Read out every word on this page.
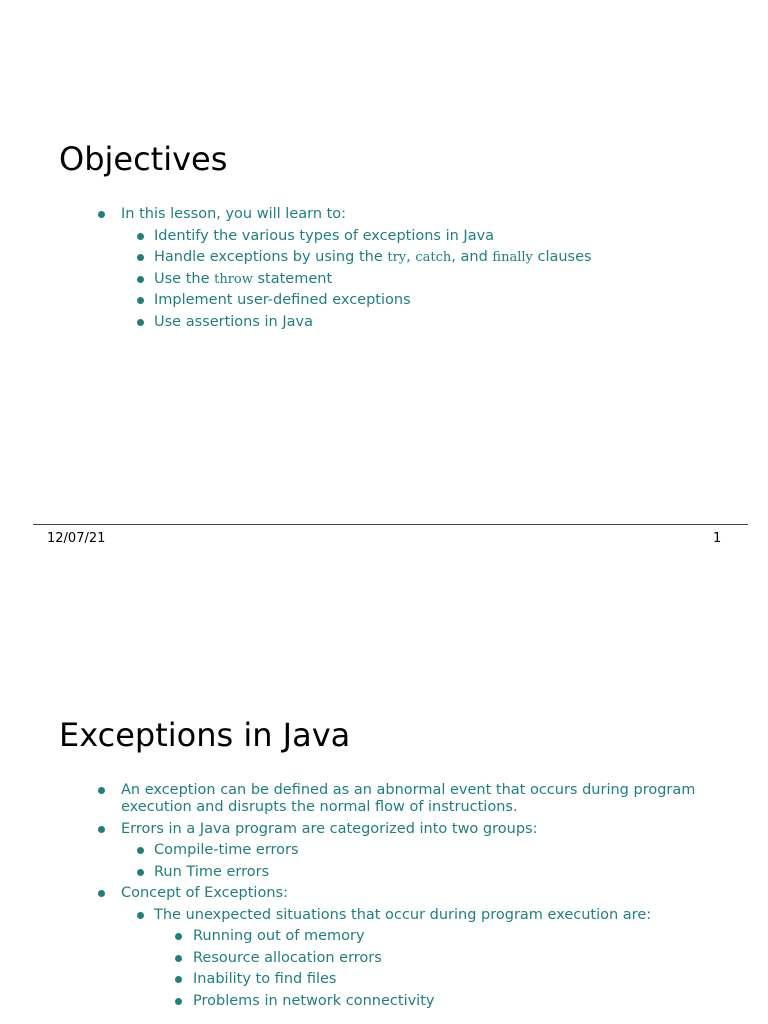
Objectives
In this lesson, you will learn to:
Identify the various types of exceptions in Java
Handle exceptions by using the try, catch, and finally clauses
Use the throw statement
Implement user-defined exceptions
Use assertions in Java
12/07/21	1
Exceptions in Java
An exception can be defined as an abnormal event that occurs during program execution and disrupts the normal flow of instructions.
Errors in a Java program are categorized into two groups:
Compile-time errors
Run Time errors
Concept of Exceptions:
The unexpected situations that occur during program execution are:
Running out of memory
Resource allocation errors
Inability to find files
Problems in network connectivity
